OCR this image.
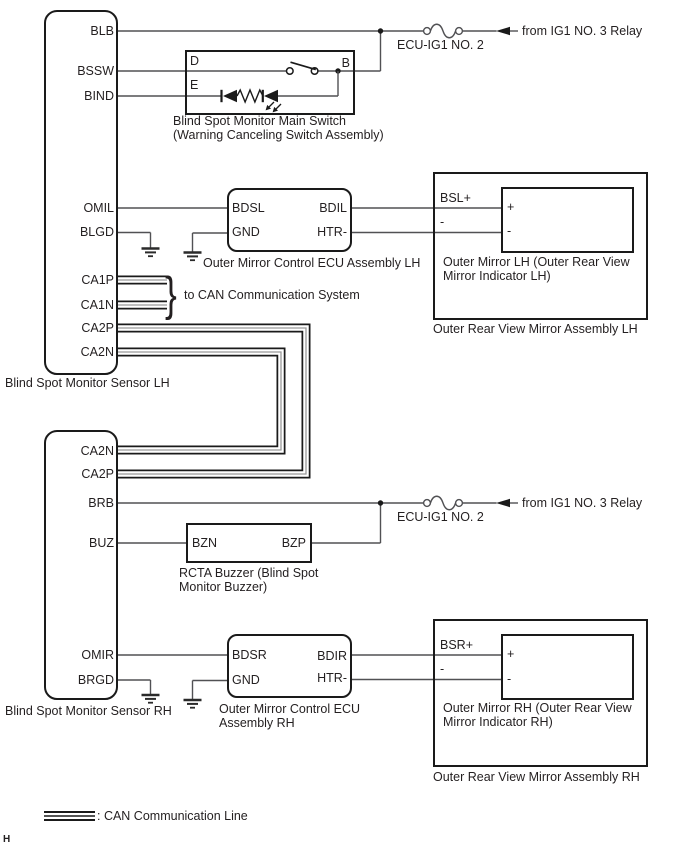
BLB
BSSW
BIND
OMIL
BLGD
CA1P
CA1N
CA2P
CA2N
Blind Spot Monitor Sensor LH
D
E
B
Blind Spot Monitor Main Switch
(Warning Canceling Switch Assembly)
ECU-IG1 NO. 2
from IG1 NO. 3 Relay
ECU-IG1 NO. 2
from IG1 NO. 3 Relay
} to CAN Communication System
BDSL	BDIL
GND	HTR-
Outer Mirror Control ECU Assembly LH
BSL+
-
+
-
Outer Mirror LH (Outer Rear View
Mirror Indicator LH)
Outer Rear View Mirror Assembly LH
CA2N
CA2P
BRB
BUZ
OMIR
BRGD
Blind Spot Monitor Sensor RH
BZN	BZP
RCTA Buzzer (Blind Spot
Monitor Buzzer)
BDSR	BDIR
GND	HTR-
Outer Mirror Control ECU
Assembly RH
BSR+
-
+
-
Outer Mirror RH (Outer Rear View
Mirror Indicator RH)
Outer Rear View Mirror Assembly RH
: CAN Communication Line
H
